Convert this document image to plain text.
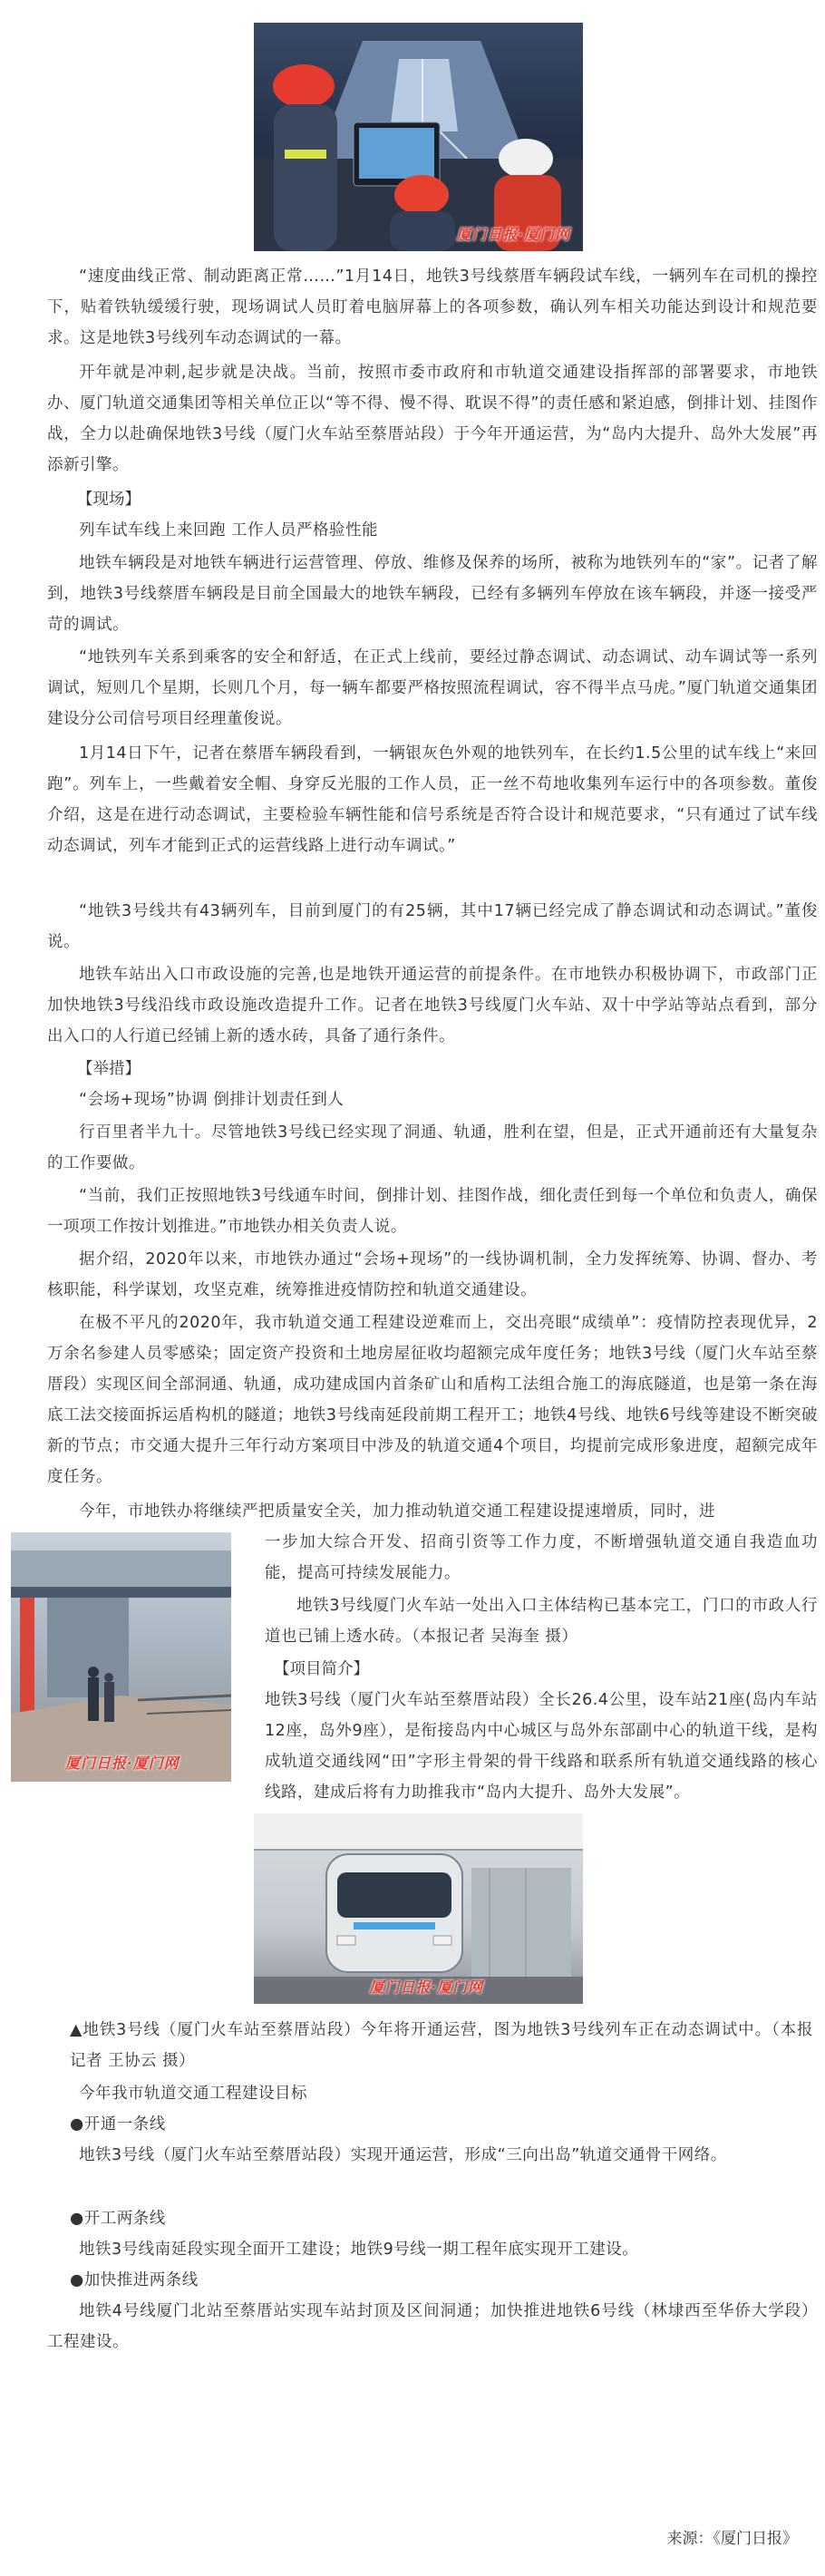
厦门日报·厦门网

“速度曲线正常、制动距离正常……”1月14日，地铁3号线蔡厝车辆段试车线，一辆列车在司机的操控下，贴着铁轨缓缓行驶，现场调试人员盯着电脑屏幕上的各项参数，确认列车相关功能达到设计和规范要求。这是地铁3号线列车动态调试的一幕。

开年就是冲刺,起步就是决战。当前，按照市委市政府和市轨道交通建设指挥部的部署要求，市地铁办、厦门轨道交通集团等相关单位正以“等不得、慢不得、耽误不得”的责任感和紧迫感，倒排计划、挂图作战，全力以赴确保地铁3号线（厦门火车站至蔡厝站段）于今年开通运营，为“岛内大提升、岛外大发展”再添新引擎。

【现场】

列车试车线上来回跑 工作人员严格验性能

地铁车辆段是对地铁车辆进行运营管理、停放、维修及保养的场所，被称为地铁列车的“家”。记者了解到，地铁3号线蔡厝车辆段是目前全国最大的地铁车辆段，已经有多辆列车停放在该车辆段，并逐一接受严苛的调试。

“地铁列车关系到乘客的安全和舒适，在正式上线前，要经过静态调试、动态调试、动车调试等一系列调试，短则几个星期，长则几个月，每一辆车都要严格按照流程调试，容不得半点马虎。”厦门轨道交通集团建设分公司信号项目经理董俊说。

1月14日下午，记者在蔡厝车辆段看到，一辆银灰色外观的地铁列车，在长约1.5公里的试车线上“来回跑”。列车上，一些戴着安全帽、身穿反光服的工作人员，正一丝不苟地收集列车运行中的各项参数。董俊介绍，这是在进行动态调试，主要检验车辆性能和信号系统是否符合设计和规范要求，“只有通过了试车线动态调试，列车才能到正式的运营线路上进行动车调试。”

“地铁3号线共有43辆列车，目前到厦门的有25辆，其中17辆已经完成了静态调试和动态调试。”董俊说。

地铁车站出入口市政设施的完善,也是地铁开通运营的前提条件。在市地铁办积极协调下，市政部门正加快地铁3号线沿线市政设施改造提升工作。记者在地铁3号线厦门火车站、双十中学站等站点看到，部分出入口的人行道已经铺上新的透水砖，具备了通行条件。

【举措】

“会场+现场”协调 倒排计划责任到人

行百里者半九十。尽管地铁3号线已经实现了洞通、轨通，胜利在望，但是，正式开通前还有大量复杂的工作要做。

“当前，我们正按照地铁3号线通车时间，倒排计划、挂图作战，细化责任到每一个单位和负责人，确保一项项工作按计划推进。”市地铁办相关负责人说。

据介绍，2020年以来，市地铁办通过“会场+现场”的一线协调机制，全力发挥统筹、协调、督办、考核职能，科学谋划，攻坚克难，统筹推进疫情防控和轨道交通建设。

在极不平凡的2020年，我市轨道交通工程建设逆难而上，交出亮眼“成绩单”：疫情防控表现优异，2万余名参建人员零感染；固定资产投资和土地房屋征收均超额完成年度任务；地铁3号线（厦门火车站至蔡厝段）实现区间全部洞通、轨通，成功建成国内首条矿山和盾构工法组合施工的海底隧道，也是第一条在海底工法交接面拆运盾构机的隧道；地铁3号线南延段前期工程开工；地铁4号线、地铁6号线等建设不断突破新的节点；市交通大提升三年行动方案项目中涉及的轨道交通4个项目，均提前完成形象进度，超额完成年度任务。

今年，市地铁办将继续严把质量安全关，加力推动轨道交通工程建设提速增质，同时，进

厦门日报·厦门网

一步加大综合开发、招商引资等工作力度，不断增强轨道交通自我造血功能，提高可持续发展能力。

地铁3号线厦门火车站一处出入口主体结构已基本完工，门口的市政人行道也已铺上透水砖。（本报记者 吴海奎 摄）

【项目简介】

地铁3号线（厦门火车站至蔡厝站段）全长26.4公里，设车站21座(岛内车站12座，岛外9座），是衔接岛内中心城区与岛外东部副中心的轨道干线，是构成轨道交通线网“田”字形主骨架的骨干线路和联系所有轨道交通线路的核心线路，建成后将有力助推我市“岛内大提升、岛外大发展”。

厦门日报·厦门网

▲地铁3号线（厦门火车站至蔡厝站段）今年将开通运营，图为地铁3号线列车正在动态调试中。（本报记者 王协云 摄）

今年我市轨道交通工程建设目标

●开通一条线

地铁3号线（厦门火车站至蔡厝站段）实现开通运营，形成“三向出岛”轨道交通骨干网络。

●开工两条线

地铁3号线南延段实现全面开工建设；地铁9号线一期工程年底实现开工建设。

●加快推进两条线

地铁4号线厦门北站至蔡厝站实现车站封顶及区间洞通；加快推进地铁6号线（林埭西至华侨大学段）工程建设。

来源：《厦门日报》
